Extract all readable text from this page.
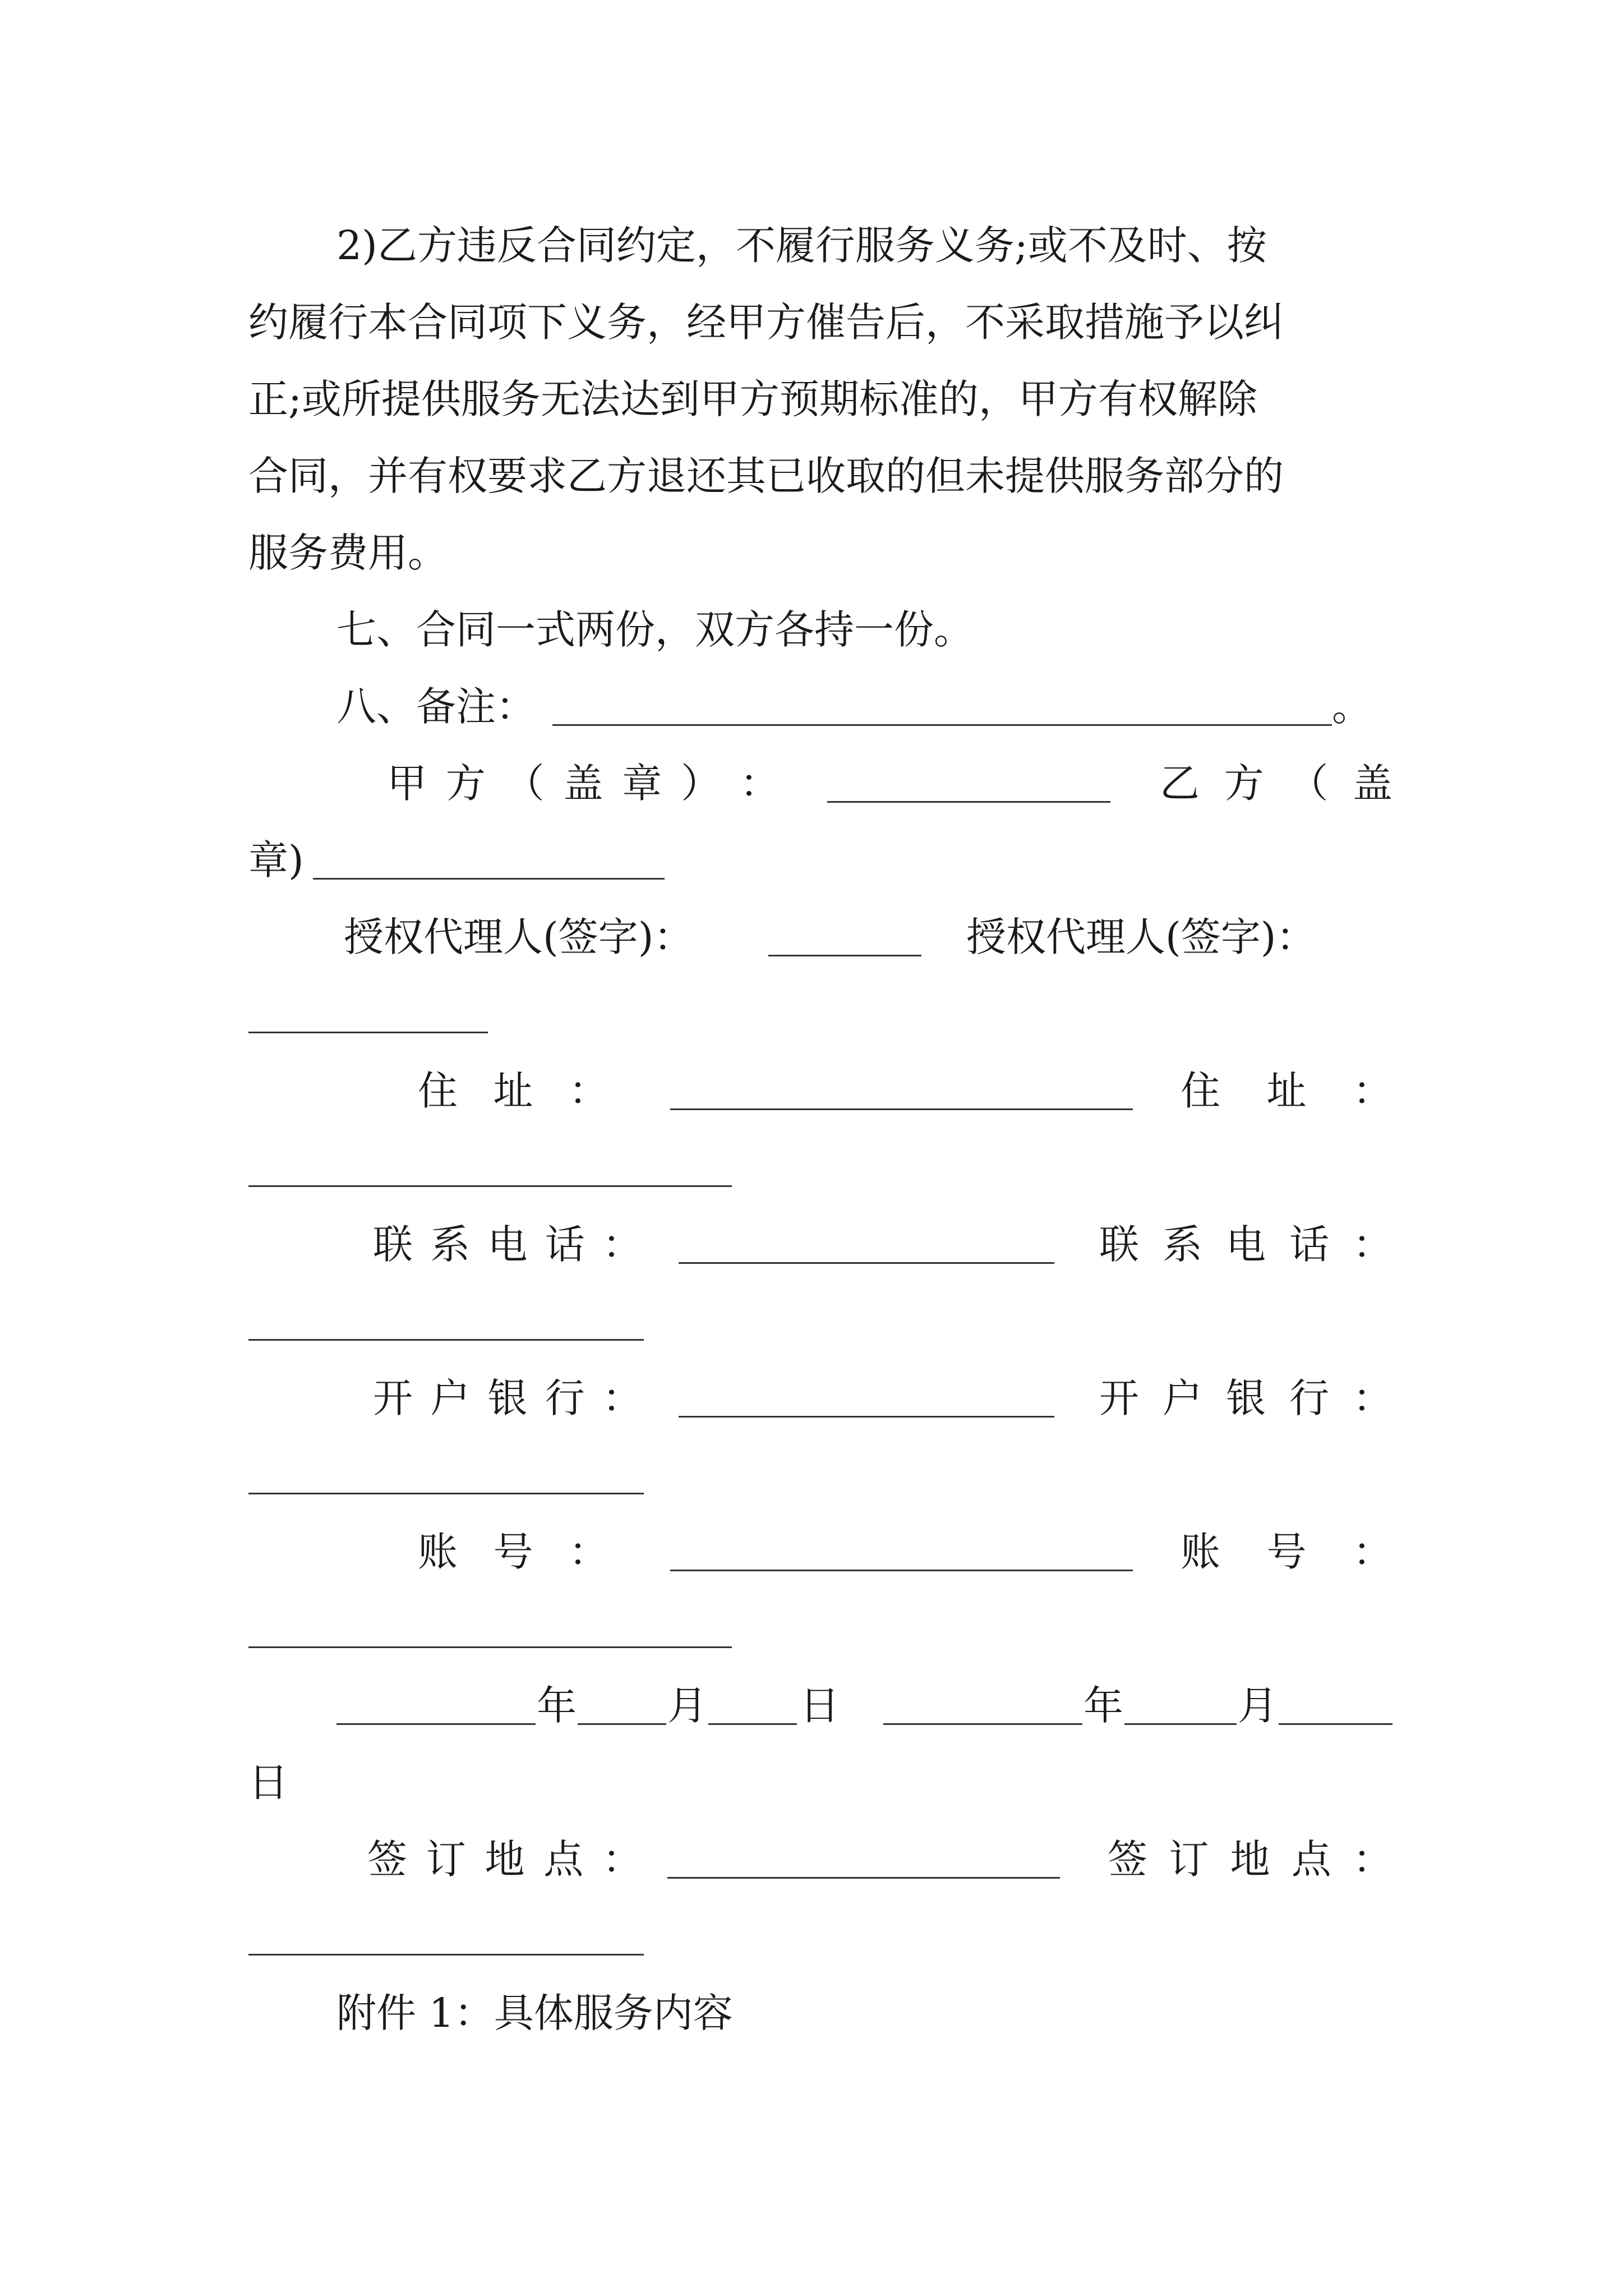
2)乙方违反合同约定，不履行服务义务;或不及时、按
约履行本合同项下义务，经甲方催告后，不采取措施予以纠
正;或所提供服务无法达到甲方预期标准的，甲方有权解除
合同，并有权要求乙方退还其已收取的但未提供服务部分的
服务费用。
七、合同一式两份，双方各持一份。
八、备注：	。
甲 方 （ 盖 章 ） ：	乙 方 （ 盖
章)
授权代理人(签字)：	授权代理人(签字)：
住 址 ：	住 址 ：
联 系 电 话 ：	联 系 电 话 ：
开 户 银 行 ：	开 户 银 行 ：
账 号 ：	账 号 ：
年 月 日	年	月
日
签 订 地 点 ：	签 订 地 点 ：
附件 1：具体服务内容
